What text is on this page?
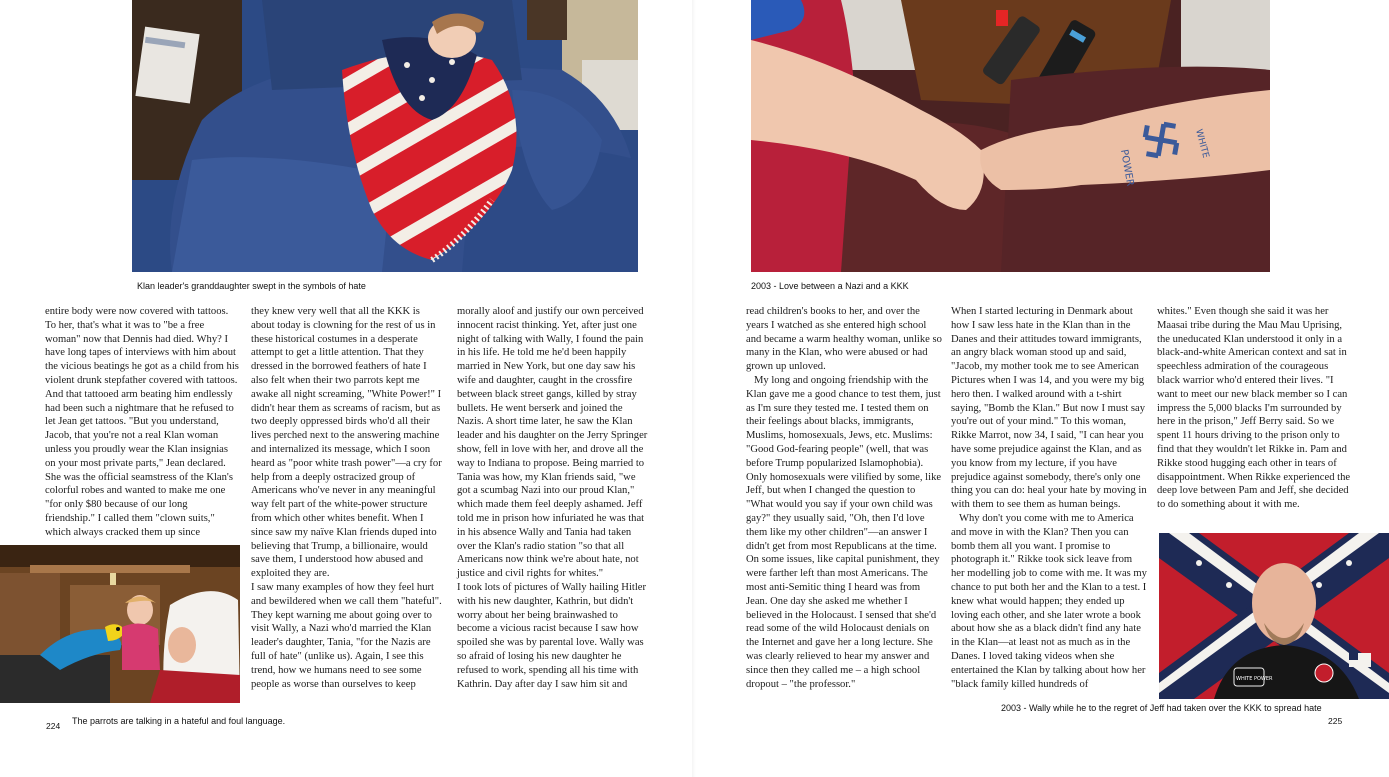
Klan leader's granddaughter swept in the symbols of hate

entire body were now covered with tattoos. To her, that's what it was to "be a free woman" now that Dennis had died. Why? I have long tapes of interviews with him about the vicious beatings he got as a child from his violent drunk stepfather covered with tattoos. And that tattooed arm beating him endlessly had been such a nightmare that he refused to let Jean get tattoos. "But you understand, Jacob, that you're not a real Klan woman unless you proudly wear the Klan insignias on your most private parts," Jean declared. She was the official seamstress of the Klan's colorful robes and wanted to make me one "for only $80 because of our long friendship." I called them "clown suits," which always cracked them up since

they knew very well that all the KKK is about today is clowning for the rest of us in these historical costumes in a desperate attempt to get a little attention. That they dressed in the borrowed feathers of hate I also felt when their two parrots kept me awake all night screaming, "White Power!" I didn't hear them as screams of racism, but as two deeply oppressed birds who'd all their lives perched next to the answering machine and internalized its message, which I soon heard as "poor white trash power"—a cry for help from a deeply ostracized group of Americans who've never in any meaningful way felt part of the white-power structure from which other whites benefit. When I since saw my naïve Klan friends duped into believing that Trump, a billionaire, would save them, I understood how abused and exploited they are.

I saw many examples of how they feel hurt and bewildered when we call them "hateful". They kept warning me about going over to visit Wally, a Nazi who'd married the Klan leader's daughter, Tania, "for the Nazis are full of hate" (unlike us). Again, I see this trend, how we humans need to see some people as worse than ourselves to keep

morally aloof and justify our own perceived innocent racist thinking. Yet, after just one night of talking with Wally, I found the pain in his life. He told me he'd been happily married in New York, but one day saw his wife and daughter, caught in the crossfire between black street gangs, killed by stray bullets. He went berserk and joined the Nazis. A short time later, he saw the Klan leader and his daughter on the Jerry Springer show, fell in love with her, and drove all the way to Indiana to propose. Being married to Tania was how, my Klan friends said, "we got a scumbag Nazi into our proud Klan," which made them feel deeply ashamed. Jeff told me in prison how infuriated he was that in his absence Wally and Tania had taken over the Klan's radio station "so that all Americans now think we're about hate, not justice and civil rights for whites."

I took lots of pictures of Wally hailing Hitler with his new daughter, Kathrin, but didn't worry about her being brainwashed to become a vicious racist because I saw how spoiled she was by parental love. Wally was so afraid of losing his new daughter he refused to work, spending all his time with Kathrin. Day after day I saw him sit and

The parrots are talking in a hateful and foul language.
224
POWER
WHITE
2003 - Love between a Nazi and a KKK

read children's books to her, and over the years I watched as she entered high school and became a warm healthy woman, unlike so many in the Klan, who were abused or had grown up unloved.

My long and ongoing friendship with the Klan gave me a good chance to test them, just as I'm sure they tested me. I tested them on their feelings about blacks, immigrants, Muslims, homosexuals, Jews, etc. Muslims: "Good God-fearing people" (well, that was before Trump popularized Islamophobia). Only homosexuals were vilified by some, like Jeff, but when I changed the question to "What would you say if your own child was gay?" they usually said, "Oh, then I'd love them like my other children"—an answer I didn't get from most Republicans at the time. On some issues, like capital punishment, they were farther left than most Americans. The most anti-Semitic thing I heard was from Jean. One day she asked me whether I believed in the Holocaust. I sensed that she'd read some of the wild Holocaust denials on the Internet and gave her a long lecture. She was clearly relieved to hear my answer and since then they called me – a high school dropout – "the professor."

When I started lecturing in Denmark about how I saw less hate in the Klan than in the Danes and their attitudes toward immigrants, an angry black woman stood up and said, "Jacob, my mother took me to see American Pictures when I was 14, and you were my big hero then. I walked around with a t-shirt saying, "Bomb the Klan." But now I must say you're out of your mind." To this woman, Rikke Marrot, now 34, I said, "I can hear you have some prejudice against the Klan, and as you know from my lecture, if you have prejudice against somebody, there's only one thing you can do: heal your hate by moving in with them to see them as human beings.

Why don't you come with me to America and move in with the Klan? Then you can bomb them all you want. I promise to photograph it." Rikke took sick leave from her modelling job to come with me. It was my chance to put both her and the Klan to a test. I knew what would happen; they ended up loving each other, and she later wrote a book about how she as a black didn't find any hate in the Klan—at least not as much as in the Danes. I loved taking videos when she entertained the Klan by talking about how her "black family killed hundreds of

whites." Even though she said it was her Maasai tribe during the Mau Mau Uprising, the uneducated Klan understood it only in a black-and-white American context and sat in speechless admiration of the courageous black warrior who'd entered their lives. "I want to meet our new black member so I can impress the 5,000 blacks I'm surrounded by here in the prison," Jeff Berry said. So we spent 11 hours driving to the prison only to find that they wouldn't let Rikke in. Pam and Rikke stood hugging each other in tears of disappointment. When Rikke experienced the deep love between Pam and Jeff, she decided to do something about it with me.

WHITE POWER
2003 - Wally while he to the regret of Jeff had taken over the KKK to spread hate
225
